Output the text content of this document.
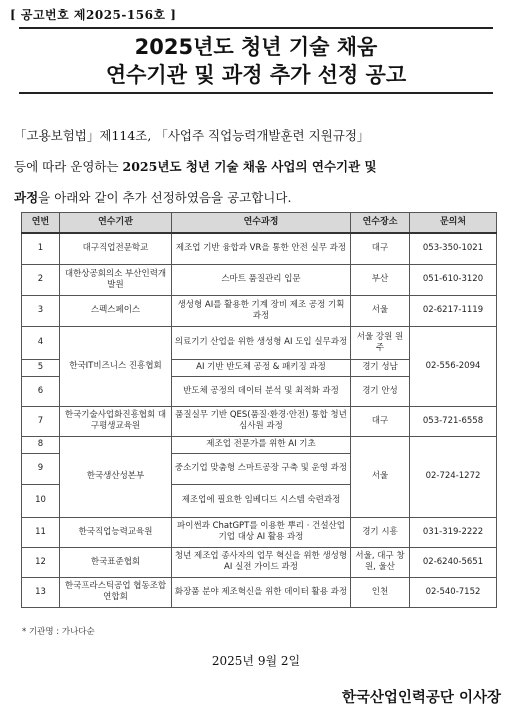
[ 공고번호 제2025-156호 ]
2025년도 청년 기술 채움
연수기관 및 과정 추가 선정 공고
「고용보험법」제114조, 「사업주 직업능력개발훈련 지원규정」
등에 따라 운영하는 2025년도 청년 기술 채움 사업의 연수기관 및
과정을 아래와 같이 추가 선정하였음을 공고합니다.
연번	연수기관	연수과정	연수장소	문의처
1	대구직업전문학교	제조업 기반 융합과 VR을 통한 안전 실무 과정	대구	053-350-1021
2	대한상공회의소 부산인력개발원	스마트 품질관리 입문	부산	051-610-3120
3	스펙스페이스	생성형 AI를 활용한 기계 장비 제조 공정 기획 과정	서울	02-6217-1119
4	한국IT비즈니스 진흥협회	의료기기 산업을 위한 생성형 AI 도입 실무과정	서울 강원 원주	02-556-2094
5		AI 기반 반도체 공정 & 패키징 과정	경기 성남	
6		반도체 공정의 데이터 분석 및 최적화 과정	경기 안성	
7	한국기술사업화진흥협회 대구평생교육원	품질실무 기반 QES(품질·환경·안전) 통합 청년 심사원 과정	대구	053-721-6558
8	한국생산성본부	제조업 전문가를 위한 AI 기초	서울	02-724-1272
9		중소기업 맞춤형 스마트공장 구축 및 운영 과정		
10		제조업에 필요한 임베디드 시스템 숙련과정		
11	한국직업능력교육원	파이썬과 ChatGPT를 이용한 뿌리 · 건설산업 기업 대상 AI 활용 과정	경기 시흥	031-319-2222
12	한국표준협회	청년 제조업 종사자의 업무 혁신을 위한 생성형 AI 실전 가이드 과정	서울, 대구 창원, 울산	02-6240-5651
13	한국프라스틱공업 협동조합연합회	화장품 분야 제조혁신을 위한 데이터 활용 과정	인천	02-540-7152
* 기관명 : 가나다순
2025년 9월 2일
한국산업인력공단 이사장
